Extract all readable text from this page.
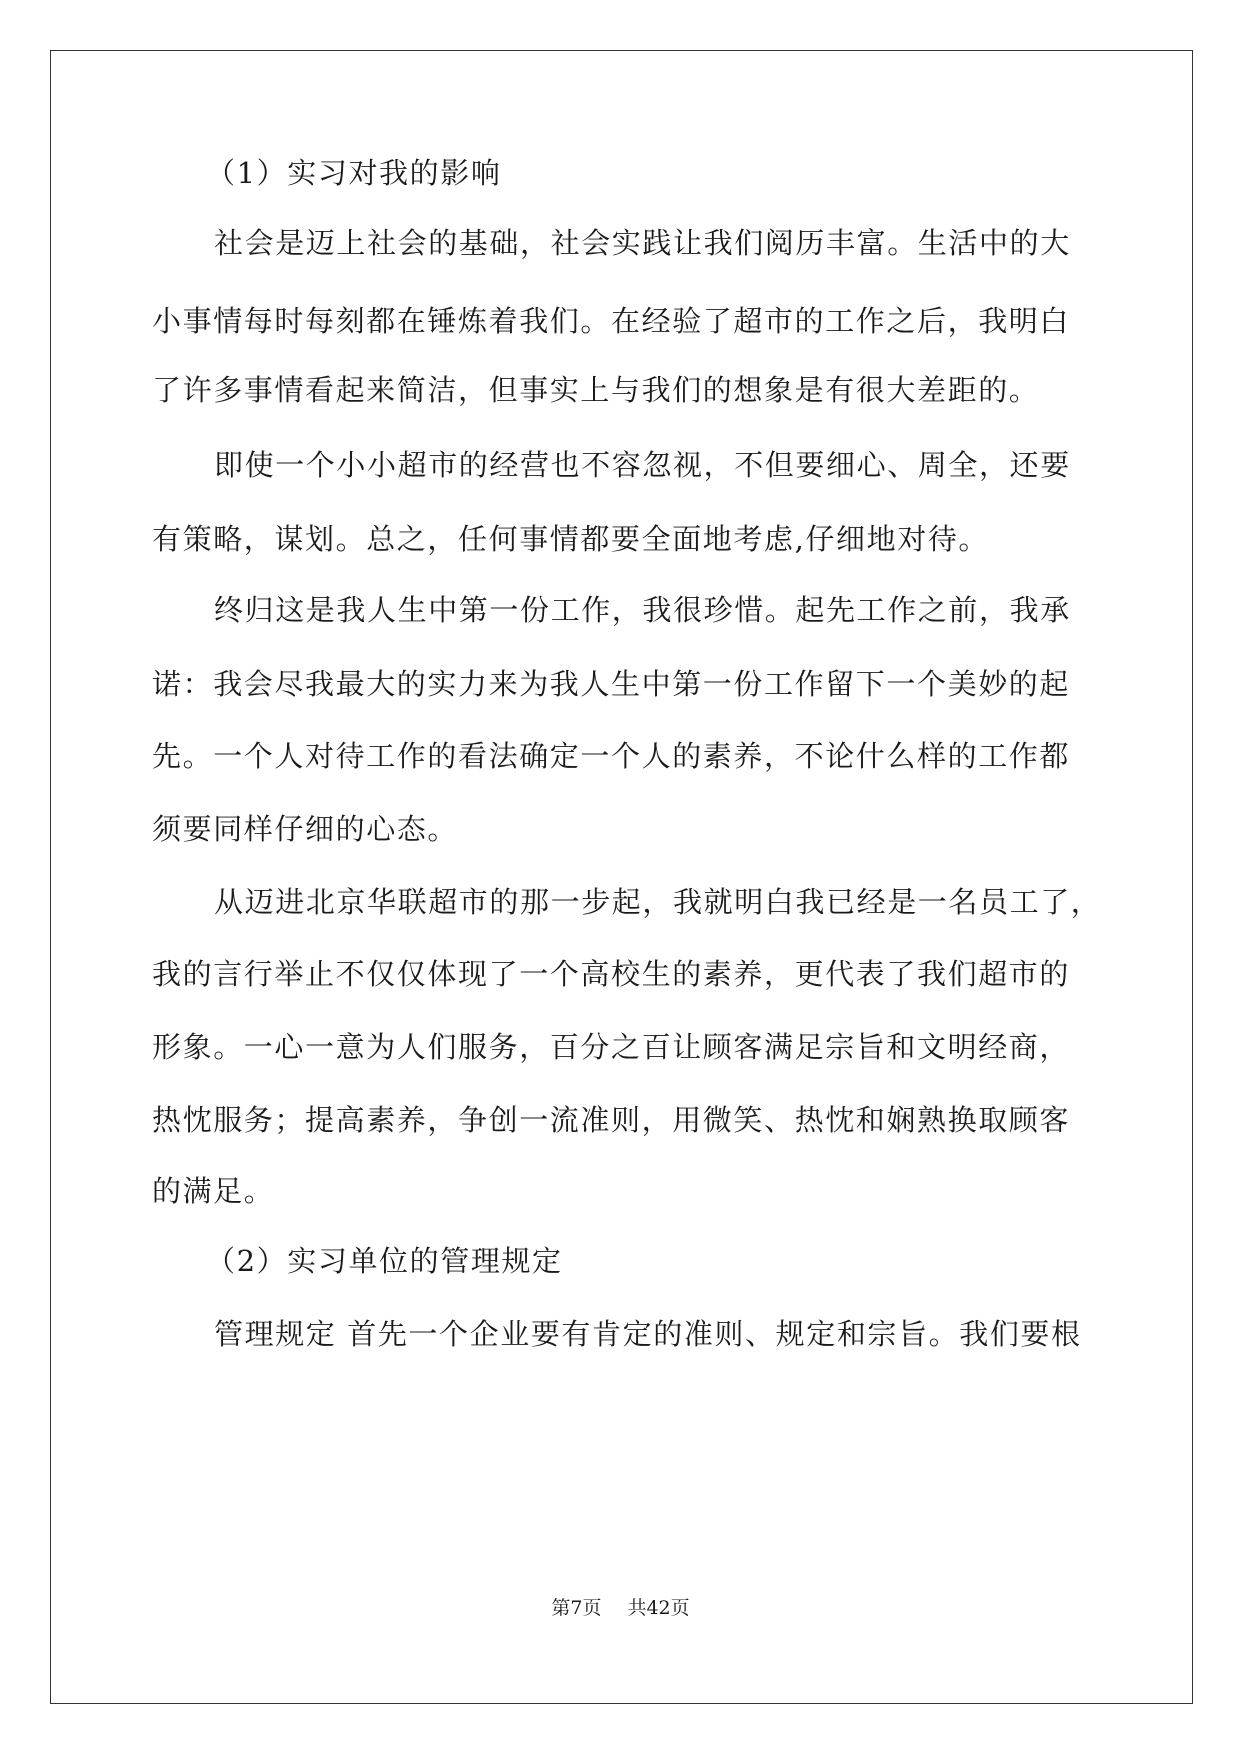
（1）实习对我的影响
社会是迈上社会的基础，社会实践让我们阅历丰富。生活中的大
小事情每时每刻都在锤炼着我们。在经验了超市的工作之后，我明白
了许多事情看起来简洁，但事实上与我们的想象是有很大差距的。
即使一个小小超市的经营也不容忽视，不但要细心、周全，还要
有策略，谋划。总之，任何事情都要全面地考虑,仔细地对待。
终归这是我人生中第一份工作，我很珍惜。起先工作之前，我承
诺：我会尽我最大的实力来为我人生中第一份工作留下一个美妙的起
先。一个人对待工作的看法确定一个人的素养，不论什么样的工作都
须要同样仔细的心态。
从迈进北京华联超市的那一步起，我就明白我已经是一名员工了，
我的言行举止不仅仅体现了一个高校生的素养，更代表了我们超市的
形象。一心一意为人们服务，百分之百让顾客满足宗旨和文明经商，
热忱服务；提高素养，争创一流准则，用微笑、热忱和娴熟换取顾客
的满足。
（2）实习单位的管理规定
管理规定 首先一个企业要有肯定的准则、规定和宗旨。我们要根
第7页 共42页
